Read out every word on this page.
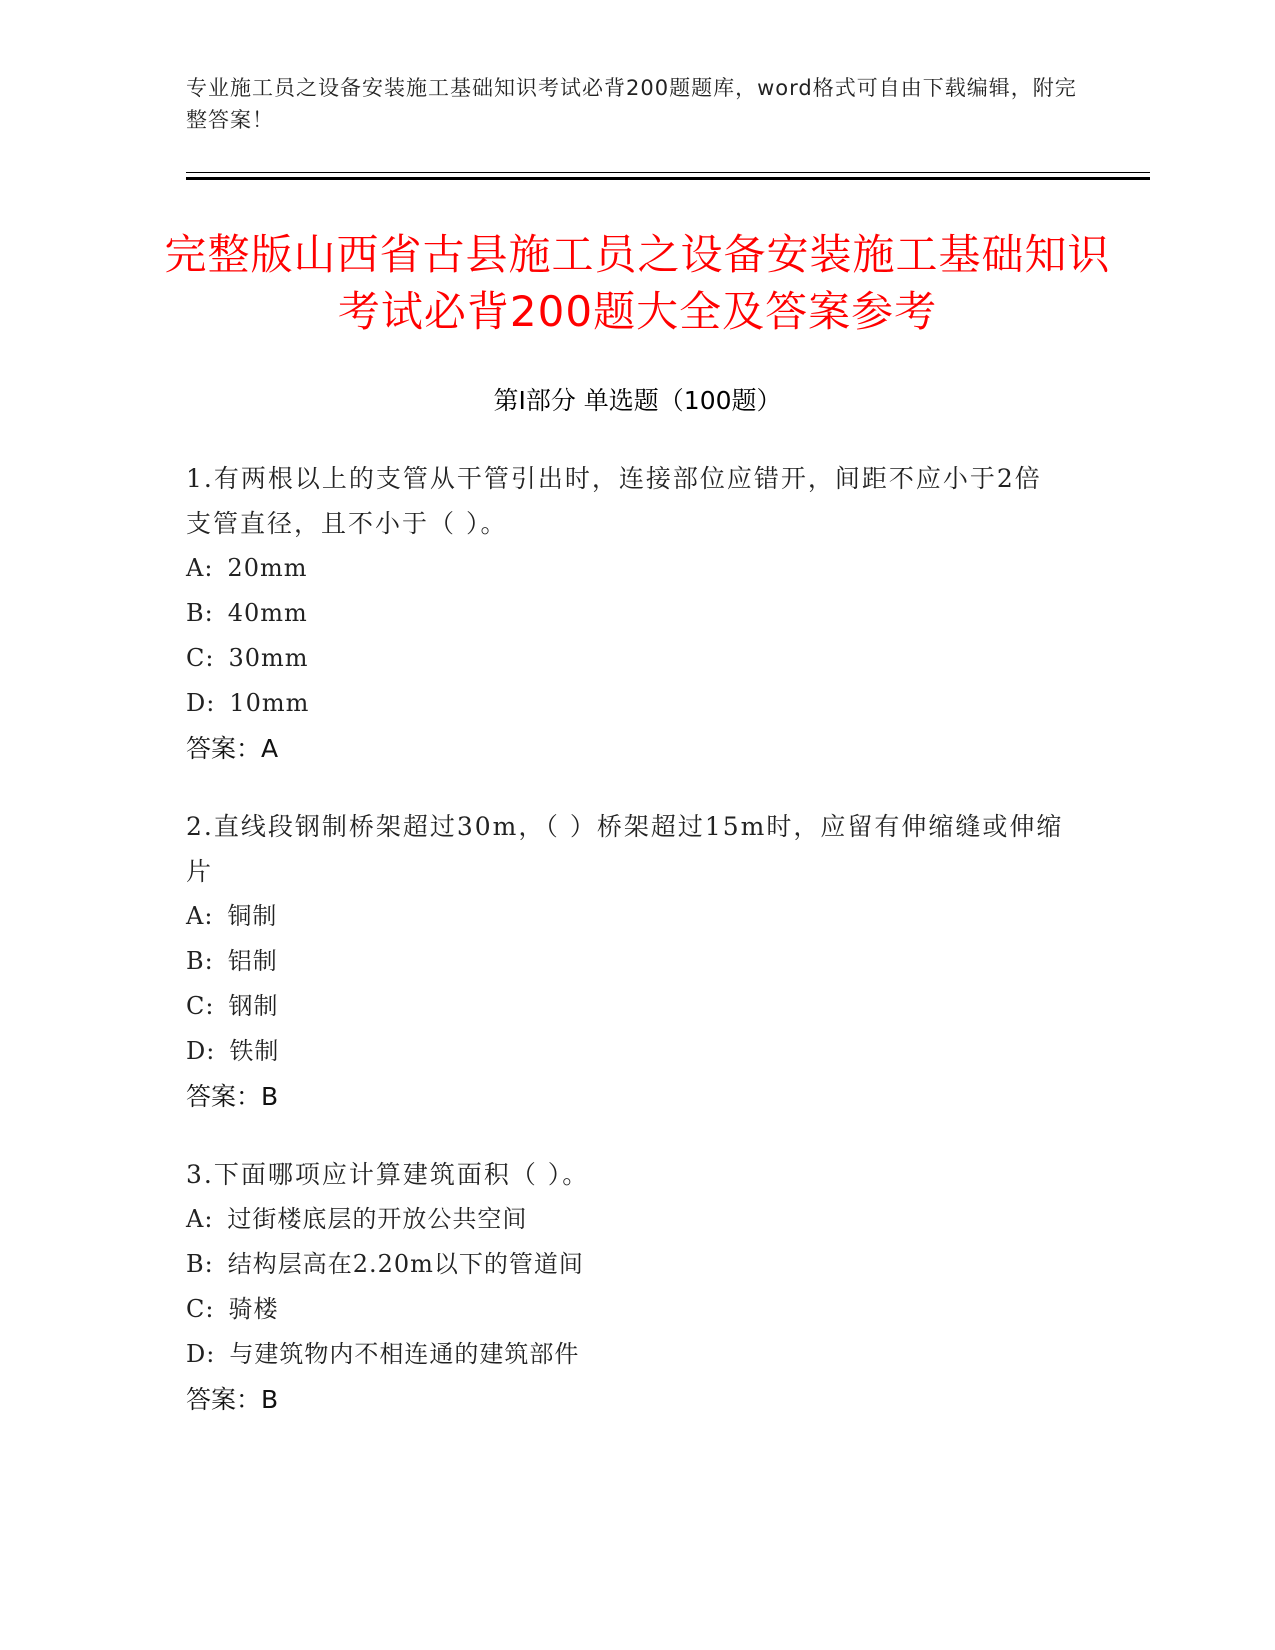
专业施工员之设备安装施工基础知识考试必背200题题库，word格式可自由下载编辑，附完整答案！
完整版山西省古县施工员之设备安装施工基础知识考试必背200题大全及答案参考
第I部分 单选题（100题）

1.有两根以上的支管从干管引出时，连接部位应错开，间距不应小于2倍支管直径，且不小于（ ）。

A: 20mm

B: 40mm

C: 30mm

D: 10mm

答案：A

2.直线段钢制桥架超过30m，（ ）桥架超过15m时，应留有伸缩缝或伸缩片

A: 铜制

B: 铝制

C: 钢制

D: 铁制

答案：B

3.下面哪项应计算建筑面积（ ）。

A: 过街楼底层的开放公共空间

B: 结构层高在2.20m以下的管道间

C: 骑楼

D: 与建筑物内不相连通的建筑部件

答案：B
